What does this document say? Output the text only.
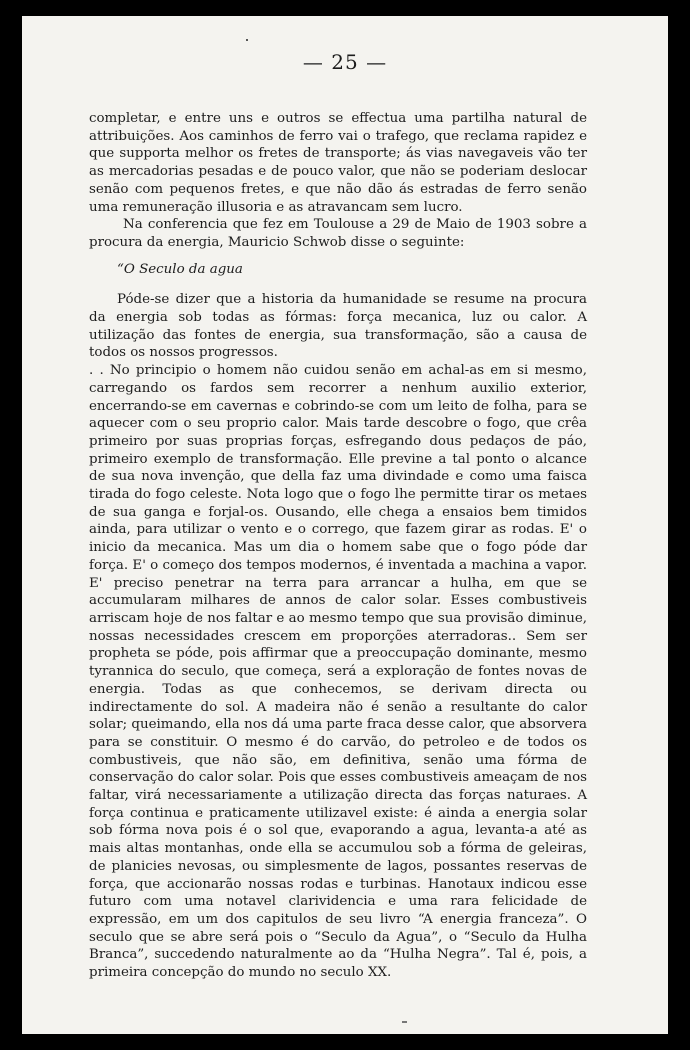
— 25 —

completar, e entre uns e outros se effectua uma partilha natural de attribuições. Aos caminhos de ferro vai o trafego, que reclama rapidez e que supporta melhor os fretes de transporte; ás vias navegaveis vão ter as mercadorias pesadas e de pouco valor, que não se poderiam deslocar senão com pequenos fretes, e que não dão ás estradas de ferro senão uma remuneração illusoria e as atravancam sem lucro.

Na conferencia que fez em Toulouse a 29 de Maio de 1903 sobre a procura da energia, Mauricio Schwob disse o seguinte:

“O Seculo da agua

Póde-se dizer que a historia da humanidade se resume na procura da energia sob todas as fórmas: força mecanica, luz ou calor. A utilização das fontes de energia, sua transformação, são a causa de todos os nossos progressos.

. . No principio o homem não cuidou senão em achal-as em si mesmo, carregando os fardos sem recorrer a nenhum auxilio exterior, encerrando-se em cavernas e cobrindo-se com um leito de folha, para se aquecer com o seu proprio calor. Mais tarde descobre o fogo, que crêa primeiro por suas proprias forças, esfregando dous pedaços de páo, primeiro exemplo de transformação. Elle previne a tal ponto o alcance de sua nova invenção, que della faz uma divindade e como uma faisca tirada do fogo celeste. Nota logo que o fogo lhe permitte tirar os metaes de sua ganga e forjal-os. Ousando, elle chega a ensaios bem timidos ainda, para utilizar o vento e o corrego, que fazem girar as rodas. E' o inicio da mecanica. Mas um dia o homem sabe que o fogo póde dar força. E' o começo dos tempos modernos, é inventada a machina a vapor. E' preciso penetrar na terra para arrancar a hulha, em que se accumularam milhares de annos de calor solar. Esses combustiveis arriscam hoje de nos faltar e ao mesmo tempo que sua provisão diminue, nossas necessidades crescem em proporções aterradoras.. Sem ser propheta se póde, pois affirmar que a preoccupação dominante, mesmo tyrannica do seculo, que começa, será a exploração de fontes novas de energia. Todas as que conhecemos, se derivam directa ou indirectamente do sol. A madeira não é senão a resultante do calor solar; queimando, ella nos dá uma parte fraca desse calor, que absorvera para se constituir. O mesmo é do carvão, do petroleo e de todos os combustiveis, que não são, em definitiva, senão uma fórma de conservação do calor solar. Pois que esses combustiveis ameaçam de nos faltar, virá necessariamente a utilização directa das forças naturaes. A força continua e praticamente utilizavel existe: é ainda a energia solar sob fórma nova pois é o sol que, evaporando a agua, levanta-a até as mais altas montanhas, onde ella se accumulou sob a fórma de geleiras, de planicies nevosas, ou simplesmente de lagos, possantes reservas de força, que accionarão nossas rodas e turbinas. Hanotaux indicou esse futuro com uma notavel clarividencia e uma rara felicidade de expressão, em um dos capitulos de seu livro “A energia franceza”. O seculo que se abre será pois o “Seculo da Agua”, o “Seculo da Hulha Branca”, succedendo naturalmente ao da “Hulha Negra”. Tal é, pois, a primeira concepção do mundo no seculo XX.
